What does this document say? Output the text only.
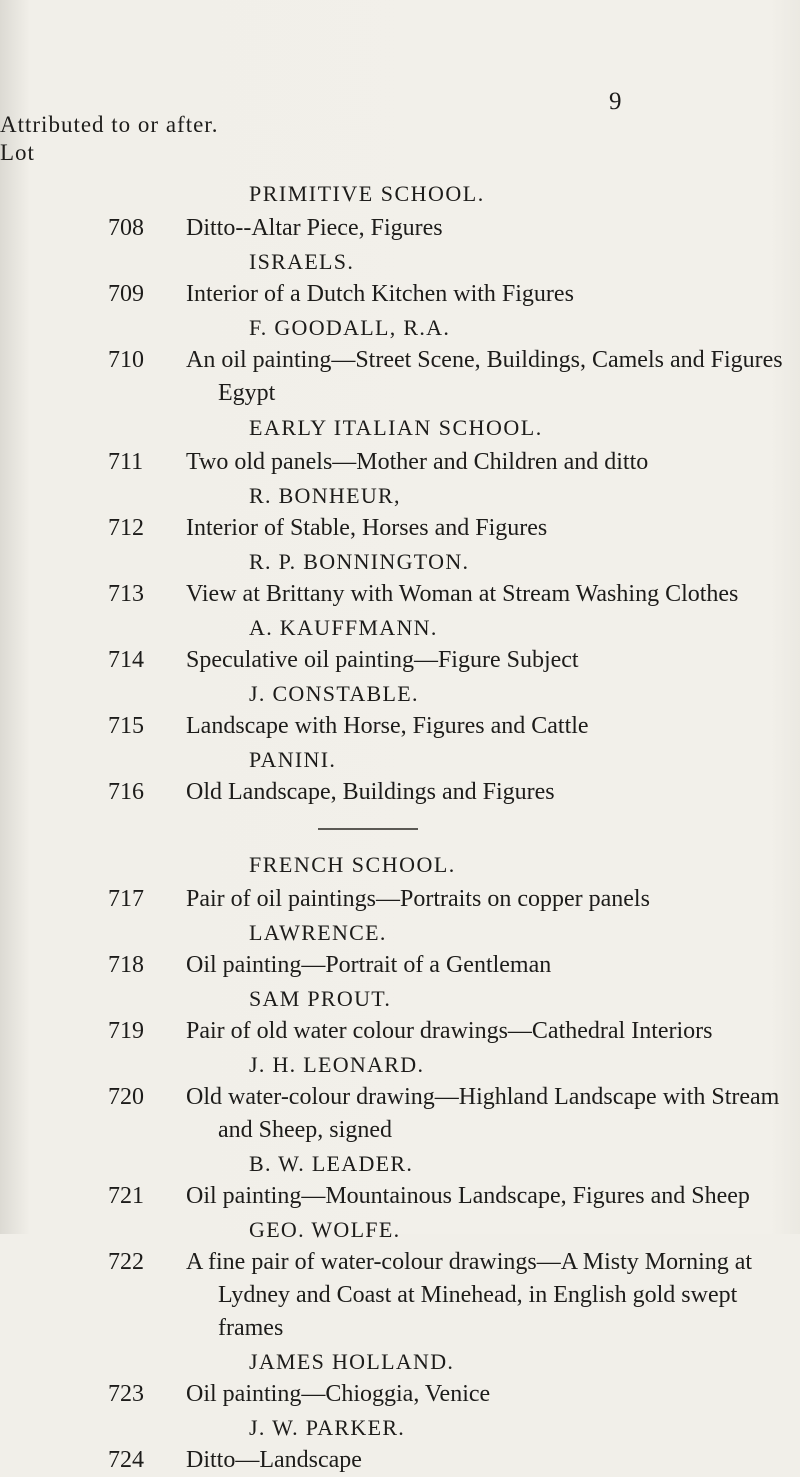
9
Attributed to or after.
Lot
PRIMITIVE SCHOOL.
708	Ditto--Altar Piece, Figures
ISRAELS.
709	Interior of a Dutch Kitchen with Figures
F. GOODALL, R.A.
710	An oil painting—Street Scene, Buildings, Camels and Figures
Egypt
EARLY ITALIAN SCHOOL.
711	Two old panels—Mother and Children and ditto
R. BONHEUR,
712	Interior of Stable, Horses and Figures
R. P. BONNINGTON.
713	View at Brittany with Woman at Stream Washing Clothes
A. KAUFFMANN.
714	Speculative oil painting—Figure Subject
J. CONSTABLE.
715	Landscape with Horse, Figures and Cattle
PANINI.
716	Old Landscape, Buildings and Figures
FRENCH SCHOOL.
717	Pair of oil paintings—Portraits on copper panels
LAWRENCE.
718	Oil painting—Portrait of a Gentleman
SAM PROUT.
719	Pair of old water colour drawings—Cathedral Interiors
J. H. LEONARD.
720	Old water-colour drawing—Highland Landscape with Stream
and Sheep, signed
B. W. LEADER.
721	Oil painting—Mountainous Landscape, Figures and Sheep
GEO. WOLFE.
722	A fine pair of water-colour drawings—A Misty Morning at
Lydney and Coast at Minehead, in English gold swept
frames
JAMES HOLLAND.
723	Oil painting—Chioggia, Venice
J. W. PARKER.
724	Ditto—Landscape
